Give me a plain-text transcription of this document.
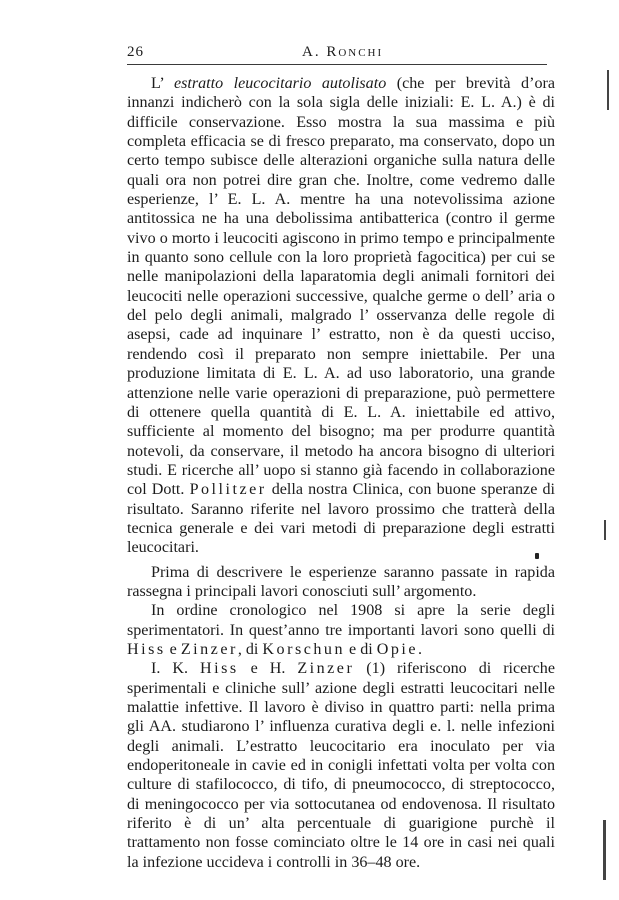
26	A. Ronchi

L’ estratto leucocitario autolisato (che per brevità d’ora innanzi indicherò con la sola sigla delle iniziali: E. L. A.) è di difficile conservazione. Esso mostra la sua massima e più completa efficacia se di fresco preparato, ma conservato, dopo un certo tempo subisce delle alterazioni organiche sulla natura delle quali ora non potrei dire gran che. Inoltre, come vedremo dalle esperienze, l’ E. L. A. mentre ha una notevolissima azione antitossica ne ha una debolissima antibatterica (contro il germe vivo o morto i leucociti agiscono in primo tempo e principalmente in quanto sono cellule con la loro proprietà fagocitica) per cui se nelle manipolazioni della laparatomia degli animali fornitori dei leucociti nelle operazioni successive, qualche germe o dell’ aria o del pelo degli animali, malgrado l’ osservanza delle regole di asepsi, cade ad inquinare l’ estratto, non è da questi ucciso, rendendo così il preparato non sempre iniettabile. Per una produzione limitata di E. L. A. ad uso laboratorio, una grande attenzione nelle varie operazioni di preparazione, può permettere di ottenere quella quantità di E. L. A. iniettabile ed attivo, sufficiente al momento del bisogno; ma per produrre quantità notevoli, da conservare, il metodo ha ancora bisogno di ulteriori studi. E ricerche all’ uopo si stanno già facendo in collaborazione col Dott. Pollitzer della nostra Clinica, con buone speranze di risultato. Saranno riferite nel lavoro prossimo che tratterà della tecnica generale e dei vari metodi di preparazione degli estratti leucocitari.

Prima di descrivere le esperienze saranno passate in rapida rassegna i principali lavori conosciuti sull’ argomento.

In ordine cronologico nel 1908 si apre la serie degli sperimentatori. In quest’anno tre importanti lavori sono quelli di Hiss e Zinzer, di Korschun e di Opie.

I. K. Hiss e H. Zinzer (1) riferiscono di ricerche sperimentali e cliniche sull’ azione degli estratti leucocitari nelle malattie infettive. Il lavoro è diviso in quattro parti: nella prima gli AA. studiarono l’ influenza curativa degli e. l. nelle infezioni degli animali. L’estratto leucocitario era inoculato per via endoperitoneale in cavie ed in conigli infettati volta per volta con culture di stafilococco, di tifo, di pneumococco, di streptococco, di meningococco per via sottocutanea od endovenosa. Il risultato riferito è di un’ alta percentuale di guarigione purchè il trattamento non fosse cominciato oltre le 14 ore in casi nei quali la infezione uccideva i controlli in 36–48 ore.
